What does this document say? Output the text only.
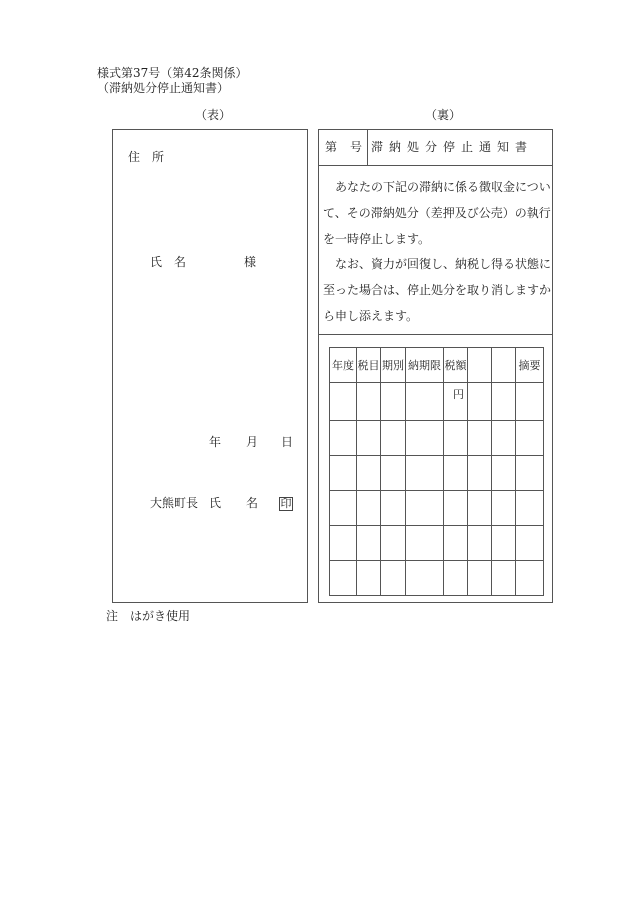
様式第37号（第42条関係）
（滞納処分停止通知書）
（表）	（裏）
住　所
氏　名	様
年 月 日
大熊町長 氏 名 印
第 号 滞納処分停止通知書
あなたの下記の滞納に係る徴収金につい
て、その滞納処分（差押及び公売）の執行
を一時停止します。
なお、資力が回復し、納税し得る状態に
至った場合は、停止処分を取り消しますか
ら申し添えます。
年度	税目	期別	納期限	税額			摘要
				円			

注　はがき使用
